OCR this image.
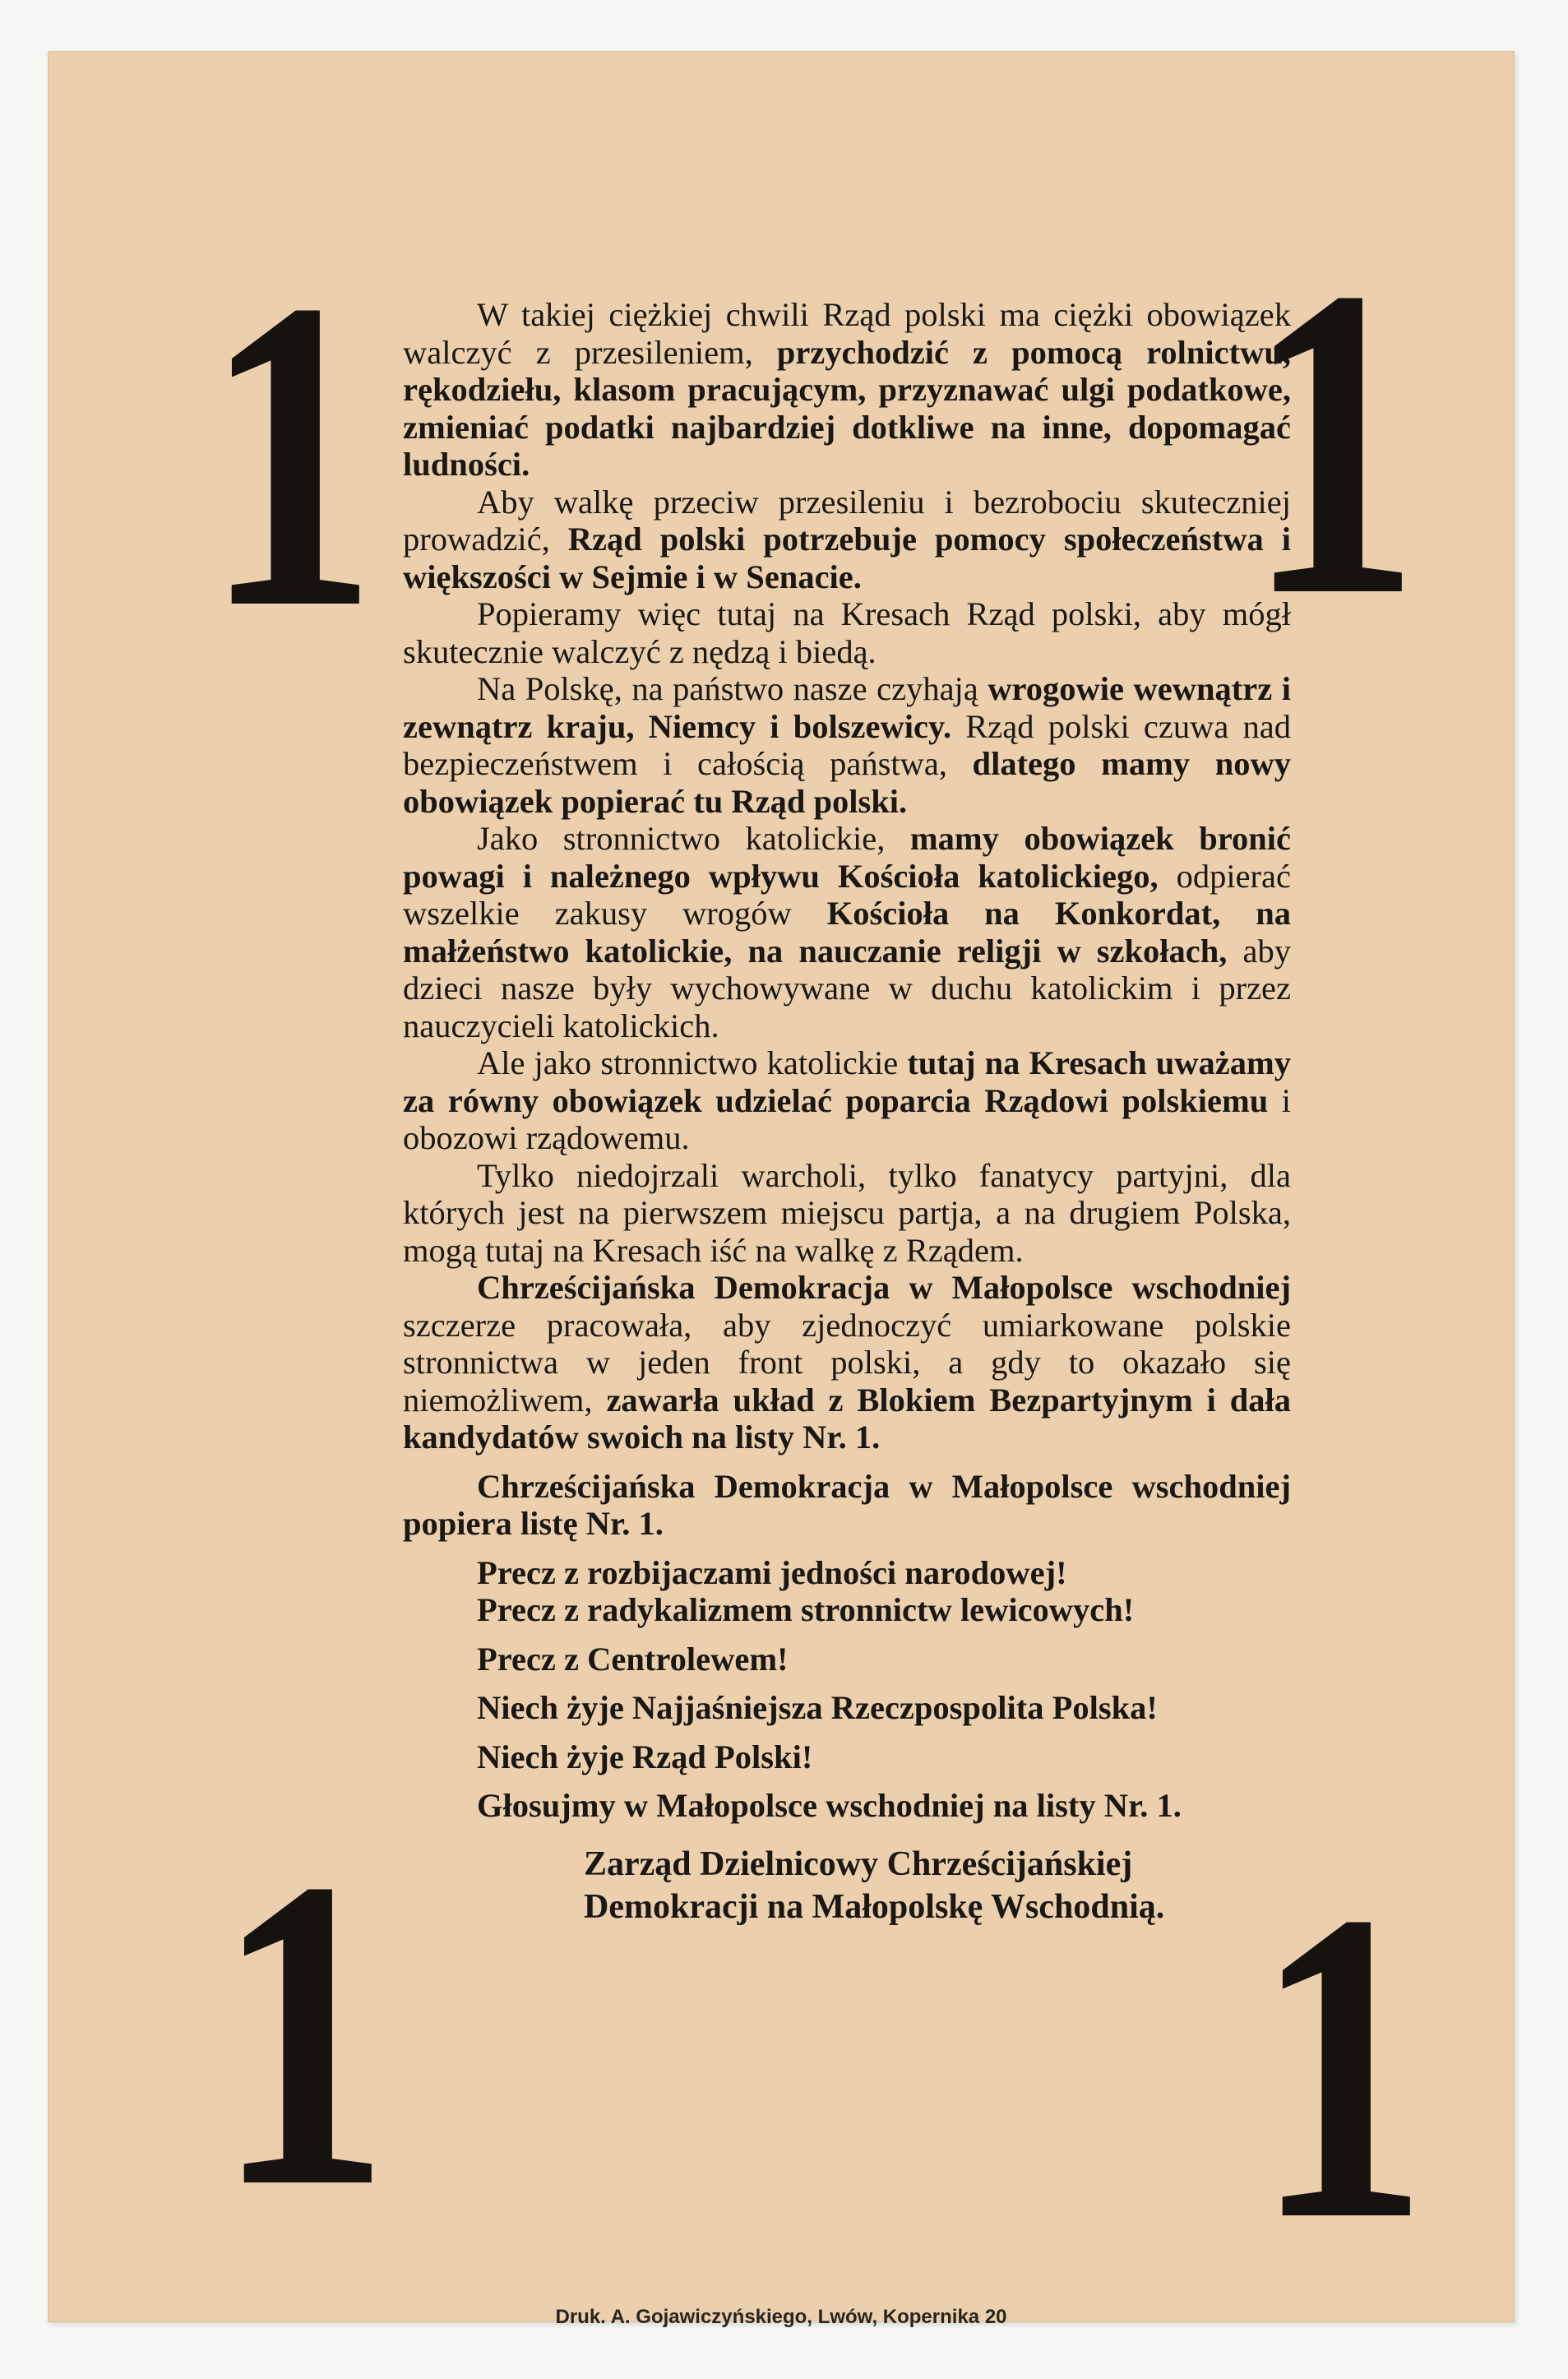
1 1
1 1

W takiej ciężkiej chwili Rząd polski ma ciężki obowiązek walczyć z przesileniem, przychodzić z pomocą rolnictwu, rękodziełu, klasom pracującym, przyznawać ulgi podatkowe, zmieniać podatki najbardziej dotkliwe na inne, dopomagać ludności.

Aby walkę przeciw przesileniu i bezrobociu skuteczniej prowadzić, Rząd polski potrzebuje pomocy społeczeństwa i większości w Sejmie i w Senacie.

Popieramy więc tutaj na Kresach Rząd polski, aby mógł skutecznie walczyć z nędzą i biedą.

Na Polskę, na państwo nasze czyhają wrogowie wewnątrz i zewnątrz kraju, Niemcy i bolszewicy. Rząd polski czuwa nad bezpieczeństwem i całością państwa, dlatego mamy nowy obowiązek popierać tu Rząd polski.

Jako stronnictwo katolickie, mamy obowiązek bronić powagi i należnego wpływu Kościoła katolickiego, odpierać wszelkie zakusy wrogów Kościoła na Konkordat, na małżeństwo katolickie, na nauczanie religji w szkołach, aby dzieci nasze były wychowywane w duchu katolickim i przez nauczycieli katolickich.

Ale jako stronnictwo katolickie tutaj na Kresach uważamy za równy obowiązek udzielać poparcia Rządowi polskiemu i obozowi rządowemu.

Tylko niedojrzali warcholi, tylko fanatycy partyjni, dla których jest na pierwszem miejscu partja, a na drugiem Polska, mogą tutaj na Kresach iść na walkę z Rządem.

Chrześcijańska Demokracja w Małopolsce wschodniej szczerze pracowała, aby zjednoczyć umiarkowane polskie stronnictwa w jeden front polski, a gdy to okazało się niemożliwem, zawarła układ z Blokiem Bezpartyjnym i dała kandydatów swoich na listy Nr. 1.

Chrześcijańska Demokracja w Małopolsce wschodniej popiera listę Nr. 1.

Precz z rozbijaczami jedności narodowej!

Precz z radykalizmem stronnictw lewicowych!

Precz z Centrolewem!

Niech żyje Najjaśniejsza Rzeczpospolita Polska!

Niech żyje Rząd Polski!

Głosujmy w Małopolsce wschodniej na listy Nr. 1.

Zarząd Dzielnicowy Chrześcijańskiej
Demokracji na Małopolskę Wschodnią.

Druk. A. Gojawiczyńskiego, Lwów, Kopernika 20
